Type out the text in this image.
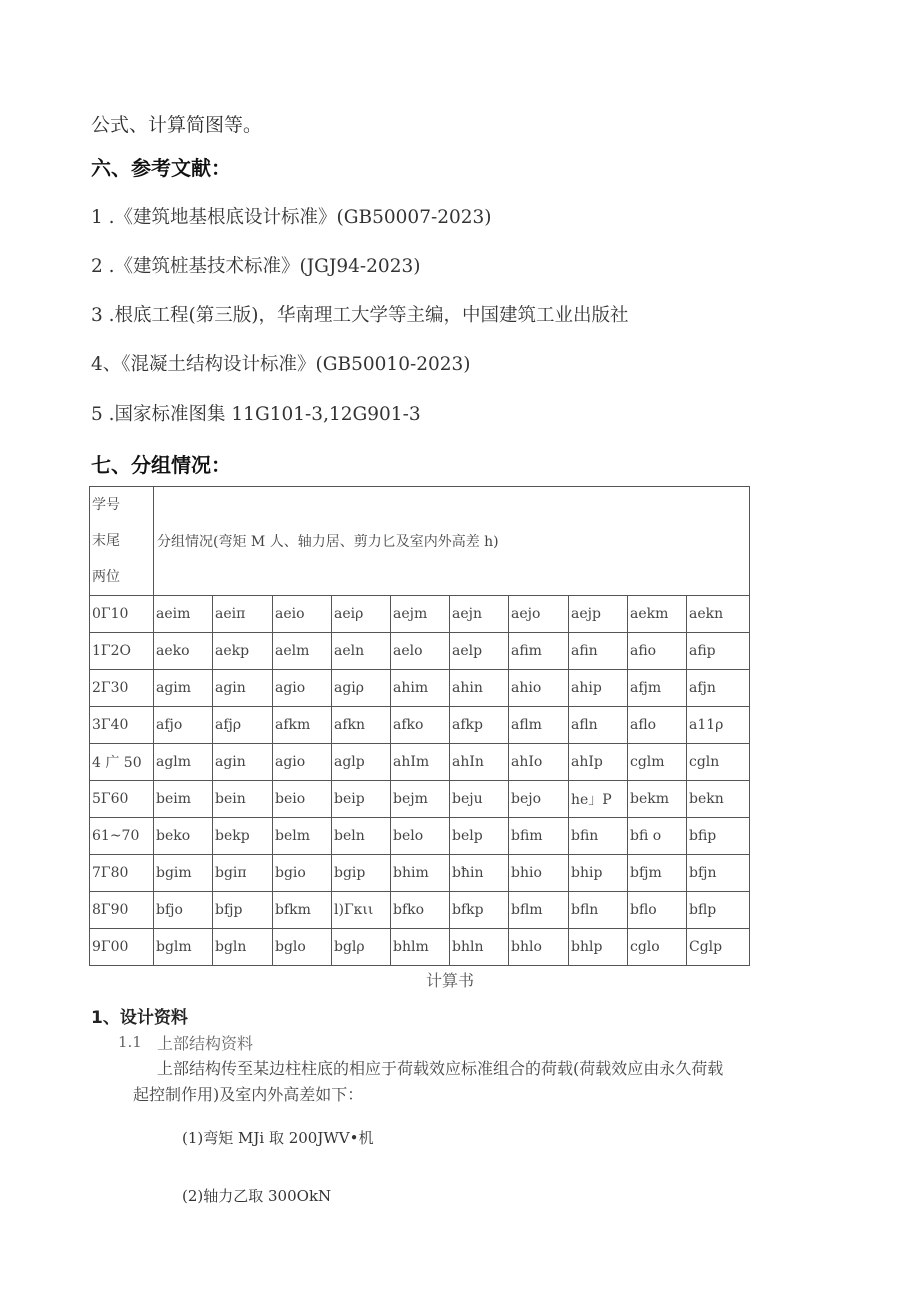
公式、计算简图等。
六、参考文献：
1 .《建筑地基根底设计标准》(GB50007-2023)
2 .《建筑桩基技术标准》(JGJ94-2023)
3 .根底工程(第三版)，华南理工大学等主编，中国建筑工业出版社
4、《混凝土结构设计标准》(GB50010-2023)
5 .国家标准图集 11G101-3,12G901-3
七、分组情况：
学号
末尾
两位	分组情况(弯矩 M 人、轴力居、剪力匕及室内外高差 h)									
0Γ10	aeim	aeiπ	aeio	aeiρ	aejm	aejn	aejo	aejp	aekm	aekn
1Γ2O	aeko	aekp	aelm	aeln	aelo	aelp	afim	afin	afio	afip
2Γ30	agim	agin	agio	agiρ	ahim	ahin	ahio	ahip	afjm	afjn
3Γ40	afjo	afjρ	afkm	afkn	afko	afkp	aflm	afln	aflo	a11ρ
4 广 50	aglm	agin	agio	aglp	ahIm	ahIn	ahIo	ahIp	cglm	cgln
5Γ60	beim	bein	beio	beip	bejm	beju	bejo	he」P	bekm	bekn
61~70	beko	bekp	belm	beln	belo	belp	bfim	bfin	bfi o	bfip
7Γ80	bgim	bgiπ	bgio	bgip	bhim	bħin	bhio	bhip	bfjm	bfjn
8Γ90	bfjo	bfjp	bfkm	l)Γκιι	bfko	bfkp	bflm	bfln	bflo	bflp
9Γ00	bglm	bgln	bglo	bglρ	bhlm	bhln	bhlo	bhlp	cglo	Cglp
计算书
1、设计资料
1.1 上部结构资料
上部结构传至某边柱柱底的相应于荷载效应标准组合的荷载(荷载效应由永久荷载
起控制作用)及室内外高差如下：
(1)弯矩 MJi 取 200JWV•机
(2)轴力乙取 300OkN
